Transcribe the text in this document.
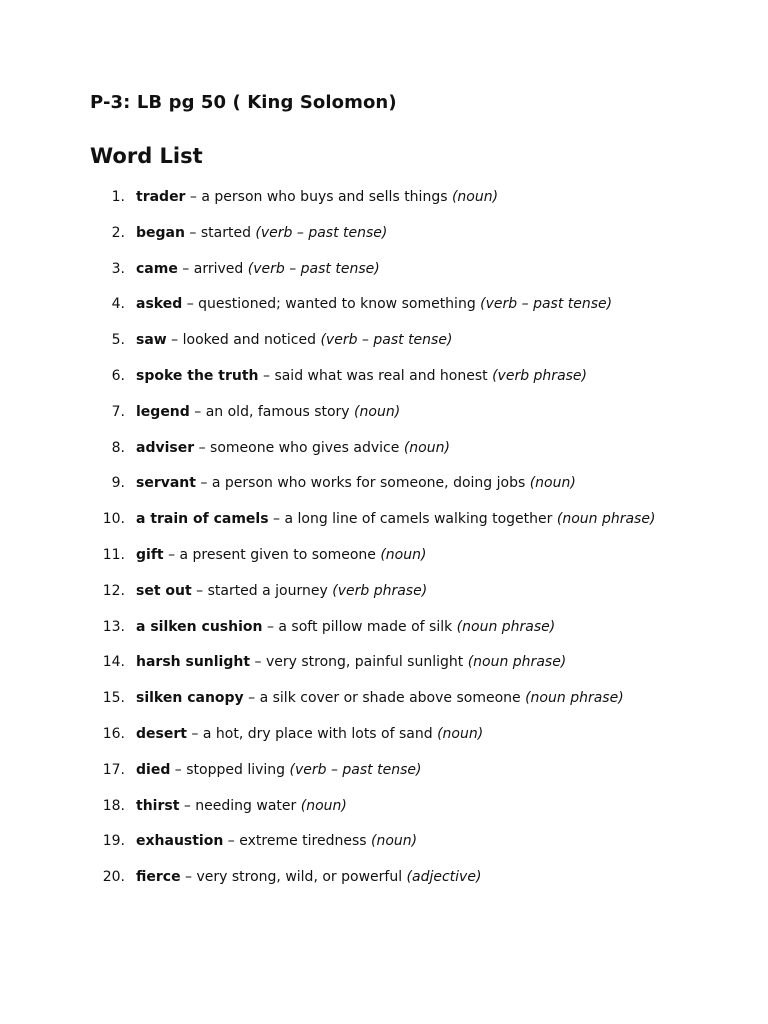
P-3: LB pg 50 ( King Solomon)
Word List
1. trader – a person who buys and sells things (noun)
2. began – started (verb – past tense)
3. came – arrived (verb – past tense)
4. asked – questioned; wanted to know something (verb – past tense)
5. saw – looked and noticed (verb – past tense)
6. spoke the truth – said what was real and honest (verb phrase)
7. legend – an old, famous story (noun)
8. adviser – someone who gives advice (noun)
9. servant – a person who works for someone, doing jobs (noun)
10. a train of camels – a long line of camels walking together (noun phrase)
11. gift – a present given to someone (noun)
12. set out – started a journey (verb phrase)
13. a silken cushion – a soft pillow made of silk (noun phrase)
14. harsh sunlight – very strong, painful sunlight (noun phrase)
15. silken canopy – a silk cover or shade above someone (noun phrase)
16. desert – a hot, dry place with lots of sand (noun)
17. died – stopped living (verb – past tense)
18. thirst – needing water (noun)
19. exhaustion – extreme tiredness (noun)
20. fierce – very strong, wild, or powerful (adjective)
